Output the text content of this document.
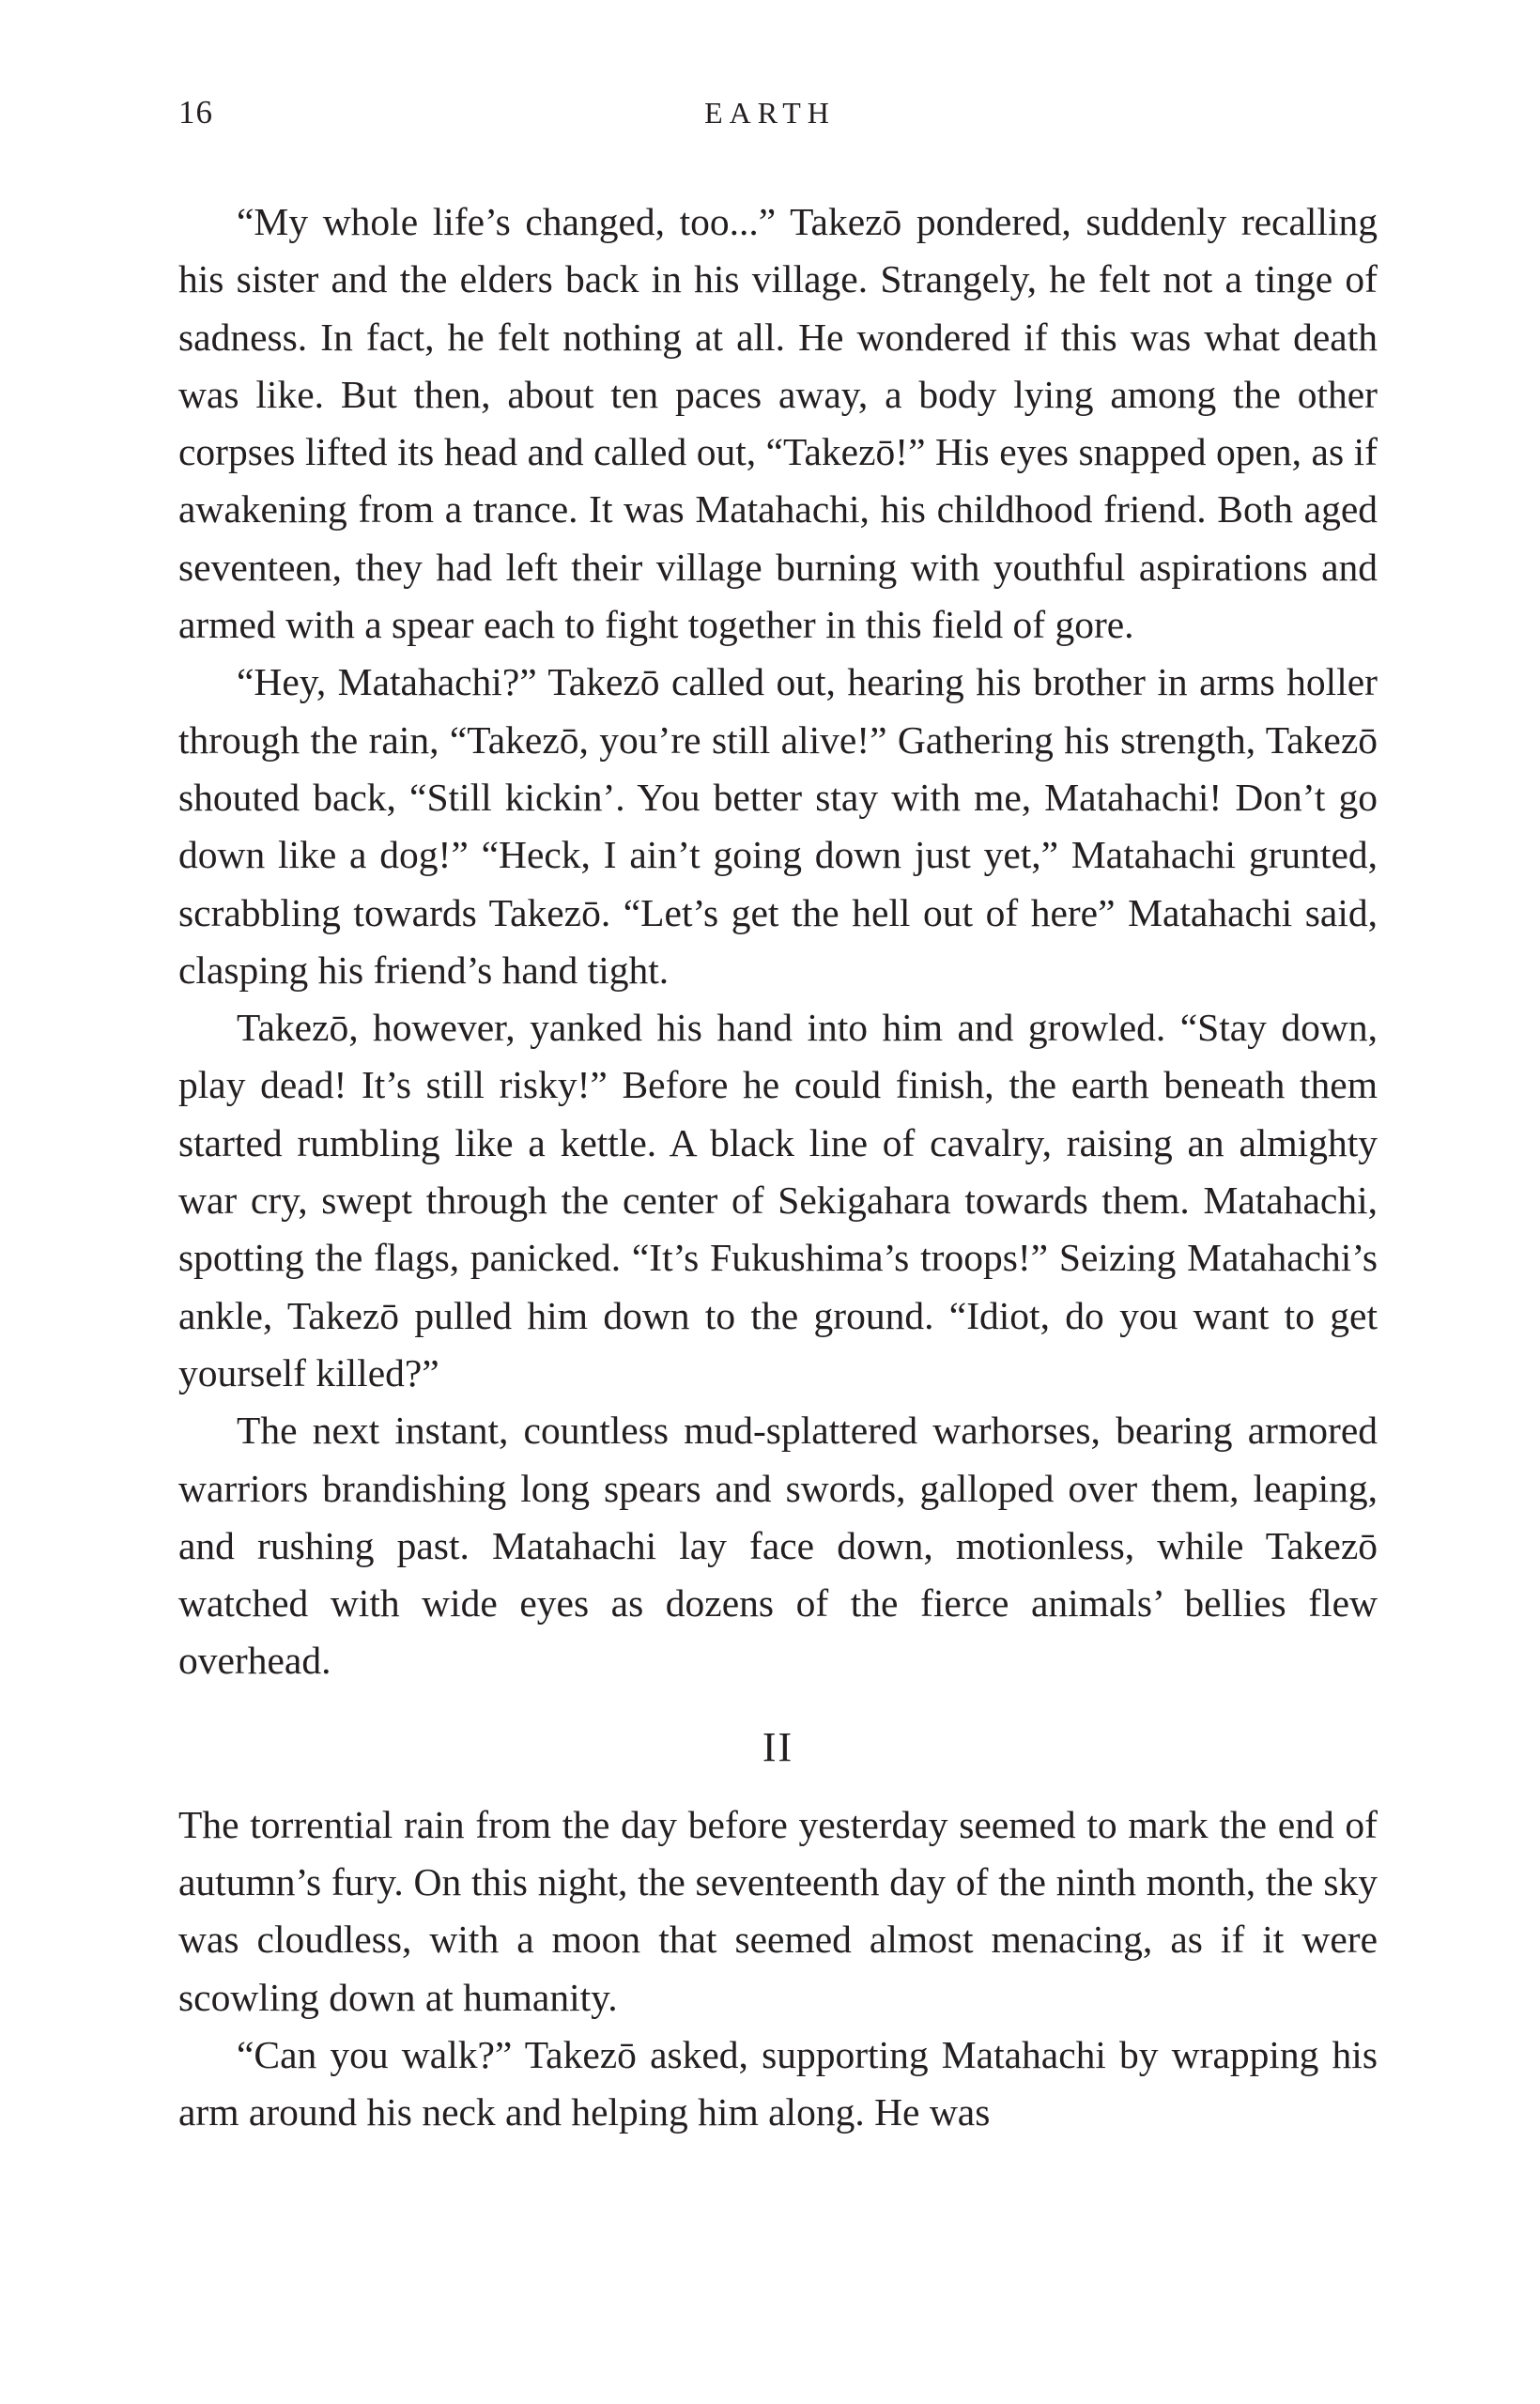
16	EARTH

“My whole life’s changed, too...” Takezō pondered, suddenly recalling his sister and the elders back in his village. Strangely, he felt not a tinge of sadness. In fact, he felt nothing at all. He wondered if this was what death was like. But then, about ten paces away, a body lying among the other corpses lifted its head and called out, “Takezō!” His eyes snapped open, as if awakening from a trance. It was Matahachi, his childhood friend. Both aged seventeen, they had left their village burning with youthful aspirations and armed with a spear each to fight together in this field of gore.

“Hey, Matahachi?” Takezō called out, hearing his brother in arms holler through the rain, “Takezō, you’re still alive!” Gathering his strength, Takezō shouted back, “Still kickin’. You better stay with me, Matahachi! Don’t go down like a dog!” “Heck, I ain’t going down just yet,” Matahachi grunted, scrabbling towards Takezō. “Let’s get the hell out of here” Matahachi said, clasping his friend’s hand tight.

Takezō, however, yanked his hand into him and growled. “Stay down, play dead! It’s still risky!” Before he could finish, the earth beneath them started rumbling like a kettle. A black line of cavalry, raising an almighty war cry, swept through the center of Sekigahara towards them. Matahachi, spotting the flags, panicked. “It’s Fukushima’s troops!” Seizing Matahachi’s ankle, Takezō pulled him down to the ground. “Idiot, do you want to get yourself killed?”

The next instant, countless mud-splattered warhorses, bearing armored warriors brandishing long spears and swords, galloped over them, leaping, and rushing past. Matahachi lay face down, motionless, while Takezō watched with wide eyes as dozens of the fierce animals’ bellies flew overhead.

II

The torrential rain from the day before yesterday seemed to mark the end of autumn’s fury. On this night, the seventeenth day of the ninth month, the sky was cloudless, with a moon that seemed almost menacing, as if it were scowling down at humanity.

“Can you walk?” Takezō asked, supporting Matahachi by wrapping his arm around his neck and helping him along. He was
